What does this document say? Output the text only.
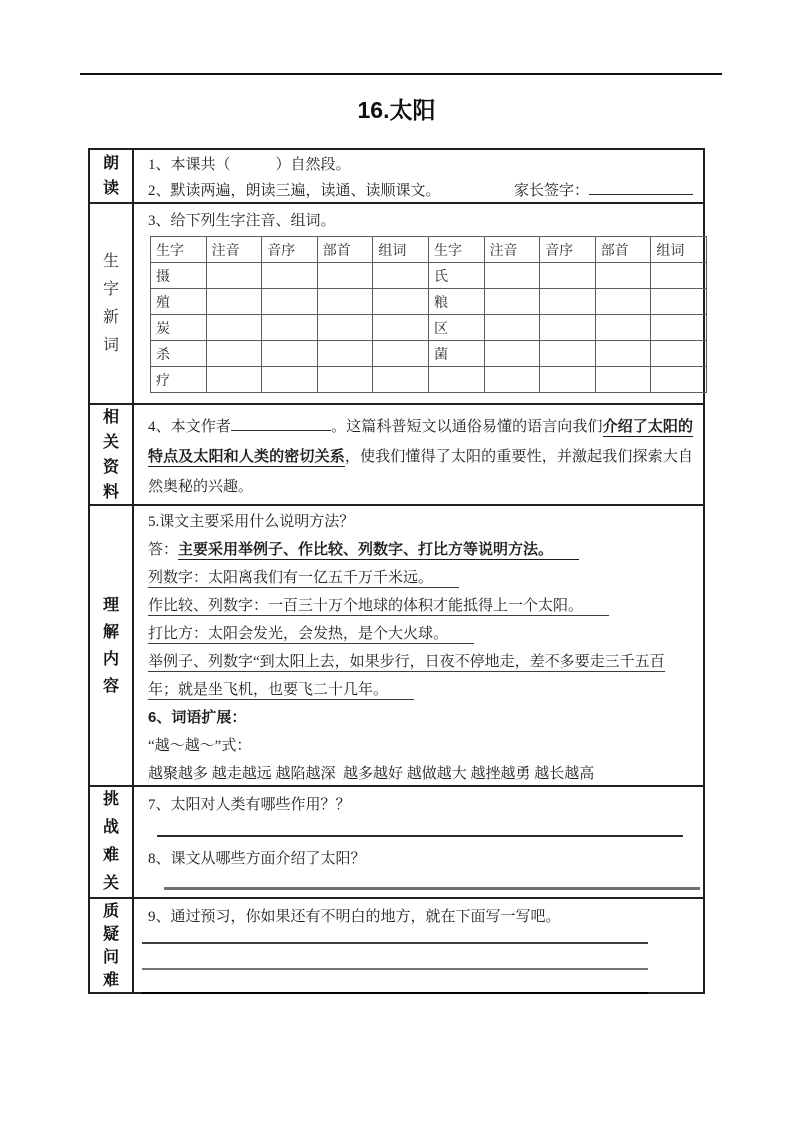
16.太阳
朗读
1、本课共（　　　）自然段。
2、默读两遍，朗读三遍，读通、读顺课文。	家长签字：
生字新词
3、给下列生字注音、组词。
生字	注音	音序	部首	组词	生字	注音	音序	部首	组词
摄					氏				
殖					粮				
炭					区				
杀					菌				
疗									
相关资料

4、本文作者	。这篇科普短文以通俗易懂的语言向我们介绍了太阳的特点及太阳和人类的密切关系，使我们懂得了太阳的重要性，并激起我们探索大自然奥秘的兴趣。

理解内容
5.课文主要采用什么说明方法？
答：主要采用举例子、作比较、列数字、打比方等说明方法。
列数字：太阳离我们有一亿五千万千米远。
作比较、列数字：一百三十万个地球的体积才能抵得上一个太阳。
打比方：太阳会发光，会发热，是个大火球。
举例子、列数字“到太阳上去，如果步行，日夜不停地走，差不多要走三千五百年；就是坐飞机，也要飞二十几年。
6、词语扩展：
“越～越～”式：
越聚越多 越走越远 越陷越深  越多越好 越做越大 越挫越勇 越长越高
挑战难关
7、太阳对人类有哪些作用？？
8、课文从哪些方面介绍了太阳？
质疑问难
9、通过预习，你如果还有不明白的地方，就在下面写一写吧。
